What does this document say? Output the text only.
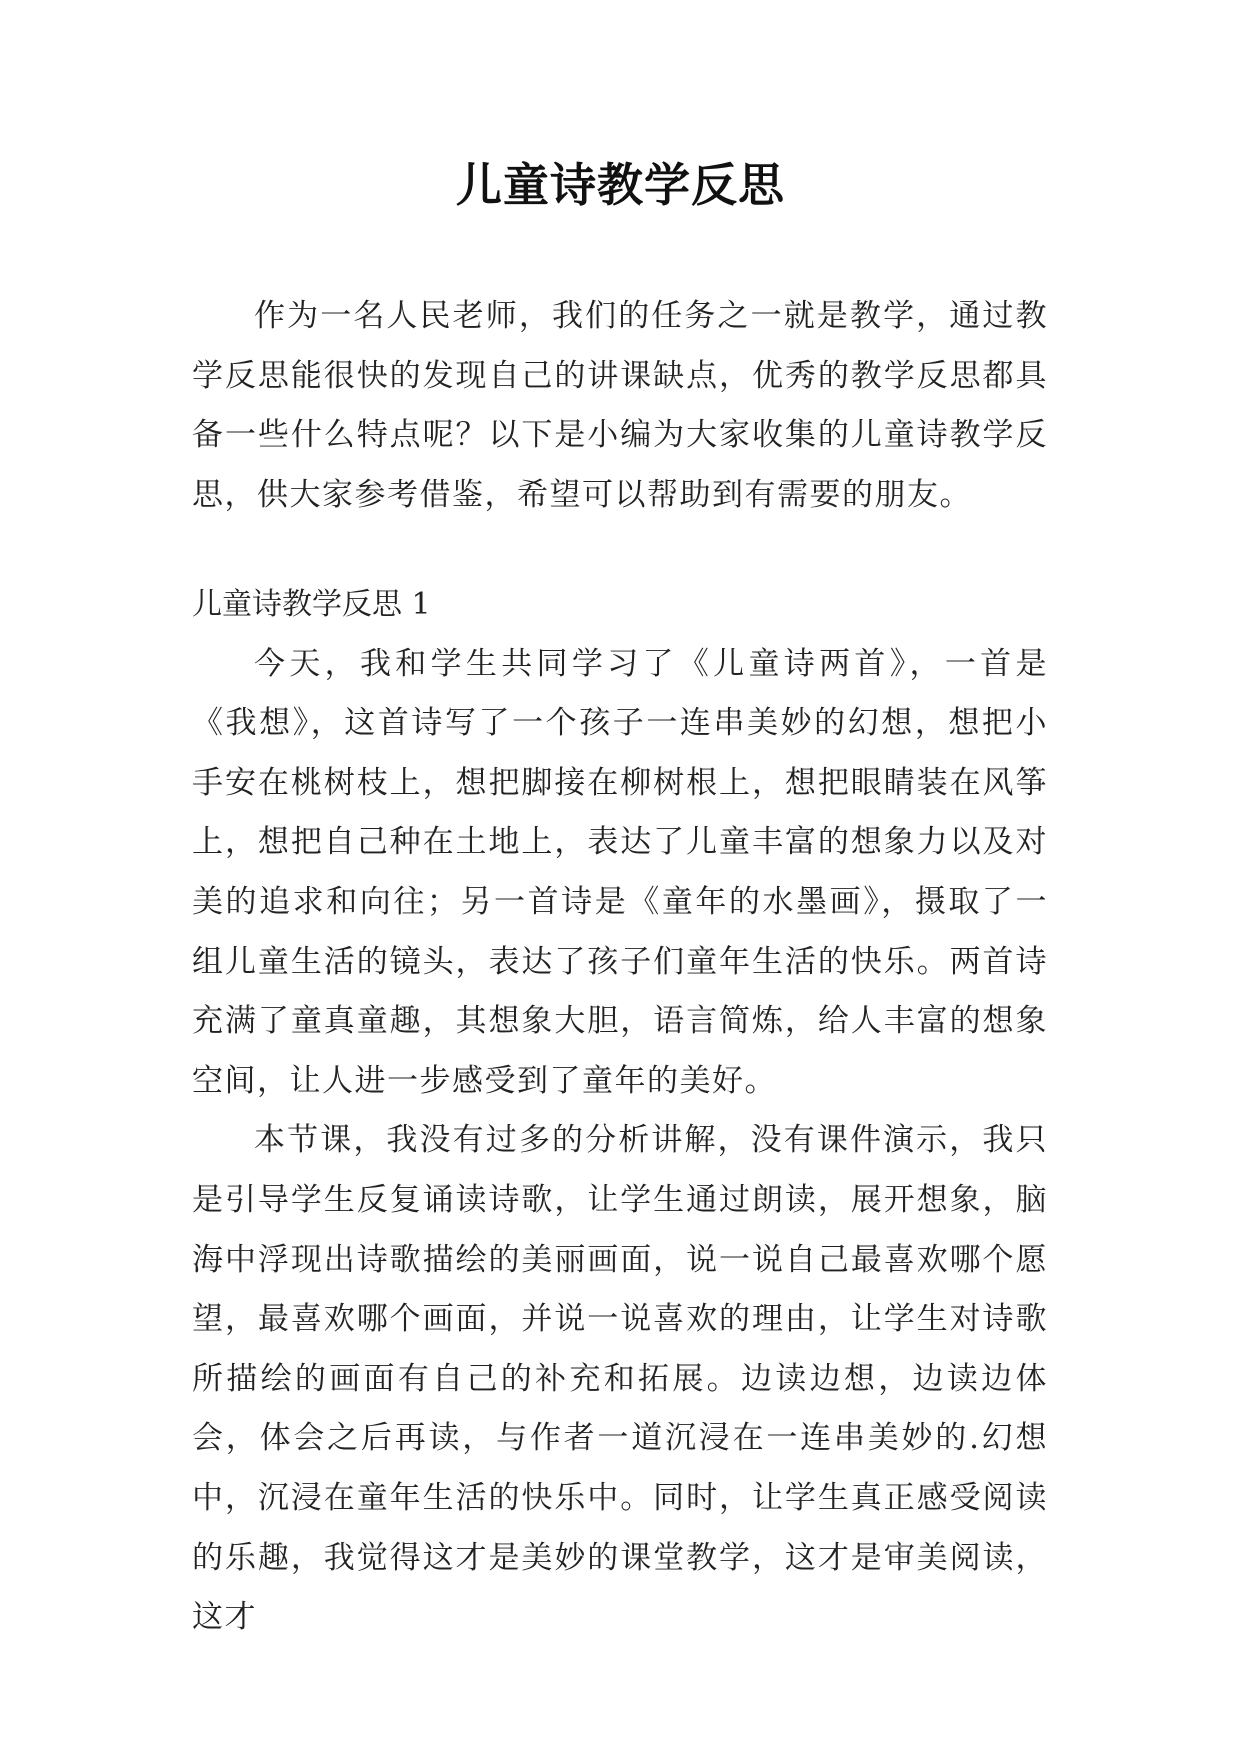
儿童诗教学反思

作为一名人民老师，我们的任务之一就是教学，通过教学反思能很快的发现自己的讲课缺点，优秀的教学反思都具备一些什么特点呢？以下是小编为大家收集的儿童诗教学反思，供大家参考借鉴，希望可以帮助到有需要的朋友。

儿童诗教学反思 1

今天，我和学生共同学习了《儿童诗两首》，一首是《我想》，这首诗写了一个孩子一连串美妙的幻想，想把小手安在桃树枝上，想把脚接在柳树根上，想把眼睛装在风筝上，想把自己种在土地上，表达了儿童丰富的想象力以及对美的追求和向往；另一首诗是《童年的水墨画》，摄取了一组儿童生活的镜头，表达了孩子们童年生活的快乐。两首诗充满了童真童趣，其想象大胆，语言简炼，给人丰富的想象空间，让人进一步感受到了童年的美好。

本节课，我没有过多的分析讲解，没有课件演示，我只是引导学生反复诵读诗歌，让学生通过朗读，展开想象，脑海中浮现出诗歌描绘的美丽画面，说一说自己最喜欢哪个愿望，最喜欢哪个画面，并说一说喜欢的理由，让学生对诗歌所描绘的画面有自己的补充和拓展。边读边想，边读边体会，体会之后再读，与作者一道沉浸在一连串美妙的.幻想中，沉浸在童年生活的快乐中。同时，让学生真正感受阅读的乐趣，我觉得这才是美妙的课堂教学，这才是审美阅读，这才
